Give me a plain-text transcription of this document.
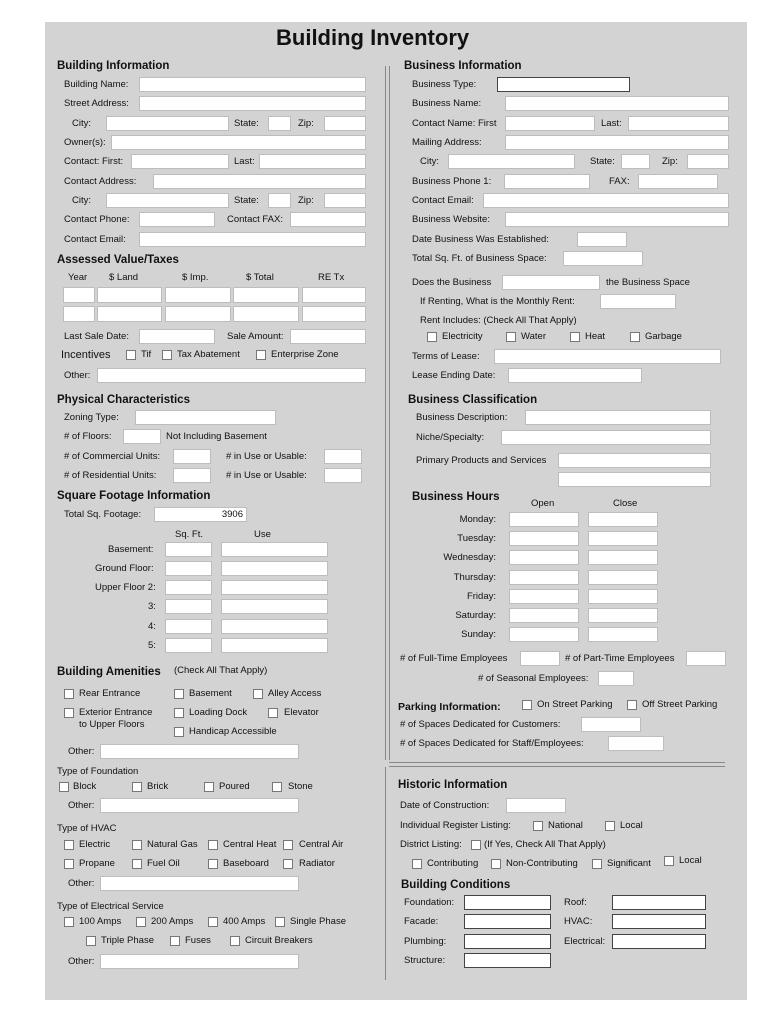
Building Inventory
Building Information
Building Name:
Street Address:
City:	State:	Zip:
Owner(s):
Contact: First:	Last:
Contact Address:
City:	State:	Zip:
Contact Phone:	Contact FAX:
Contact Email:
Assessed Value/Taxes
Year $ Land	$ Imp.	$ Total	RE Tx
Last Sale Date:	Sale Amount:
Incentives	Tif	Tax Abatement	Enterprise Zone
Other:
Physical Characteristics
Zoning Type:
# of Floors:	Not Including Basement
# of Commercial Units:	# in Use or Usable:
# of Residential Units:	# in Use or Usable:
Square Footage Information
Total Sq. Footage:	3906
Sq. Ft.	Use
Basement:
Ground Floor:
Upper Floor 2:
3:
4:
5:
Building Amenities (Check All That Apply)
Rear Entrance	Basement	Alley Access
Exterior Entrance
to Upper Floors
Loading Dock	Elevator
Handicap Accessible
Other:
Type of Foundation
Block	Brick	Poured	Stone
Other:
Type of HVAC
Electric	Natural Gas	Central Heat Central Air
Propane	Fuel Oil	Baseboard	Radiator
Other:
Type of Electrical Service
100 Amps	200 Amps	400 Amps	Single Phase
Triple Phase	Fuses	Circuit Breakers
Other:
Business Information
Business Type:
Business Name:
Contact Name: First	Last:
Mailing Address:
City:	State:	Zip:
Business Phone 1:	FAX:
Contact Email:
Business Website:
Date Business Was Established:
Total Sq. Ft. of Business Space:
Does the Business	the Business Space
If Renting, What is the Monthly Rent:
Rent Includes: (Check All That Apply)
Electricity	Water	Heat	Garbage
Terms of Lease:
Lease Ending Date:
Business Classification
Business Description:
Niche/Specialty:
Primary Products and Services
Business Hours
Open	Close
Monday:
Tuesday:
Wednesday:
Thursday:
Friday:
Saturday:
Sunday:
# of Full-Time Employees	# of Part-Time Employees
# of Seasonal Employees:
Parking Information:	On Street Parking	Off Street Parking
# of Spaces Dedicated for Customers:
# of Spaces Dedicated for Staff/Employees:
Historic Information
Date of Construction:
Individual Register Listing:	National	Local
District Listing: (If Yes, Check All That Apply)
Contributing	Non-Contributing	Significant	Local
Building Conditions
Foundation:	Roof:
Facade:	HVAC:
Plumbing:	Electrical:
Structure:
